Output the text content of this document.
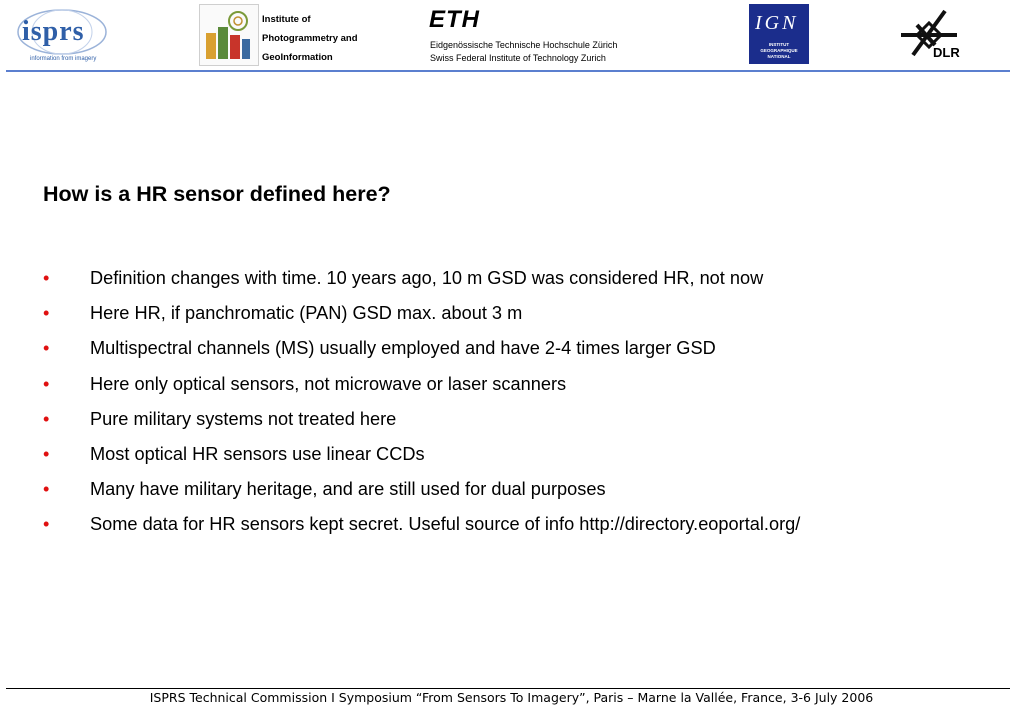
isprs
information from imagery
Institute of
Photogrammetry and
GeoInformation
ETH
Eidgenössische Technische Hochschule Zürich
Swiss Federal Institute of Technology Zurich
IGN
INSTITUT
GEOGRAPHIQUE
NATIONAL	DLR
How is a HR sensor defined here?
• Definition changes with time. 10 years ago, 10 m GSD was considered HR, not now
• Here HR, if panchromatic (PAN) GSD max. about 3 m
• Multispectral channels (MS) usually employed and have 2-4 times larger GSD
• Here only optical sensors, not microwave or laser scanners
• Pure military systems not treated here
• Most optical HR sensors use linear CCDs
• Many have military heritage, and are still used for dual purposes
• Some data for HR sensors kept secret. Useful source of info http://directory.eoportal.org/
ISPRS Technical Commission I Symposium “From Sensors To Imagery”, Paris – Marne la Vallée, France, 3-6 July 2006
